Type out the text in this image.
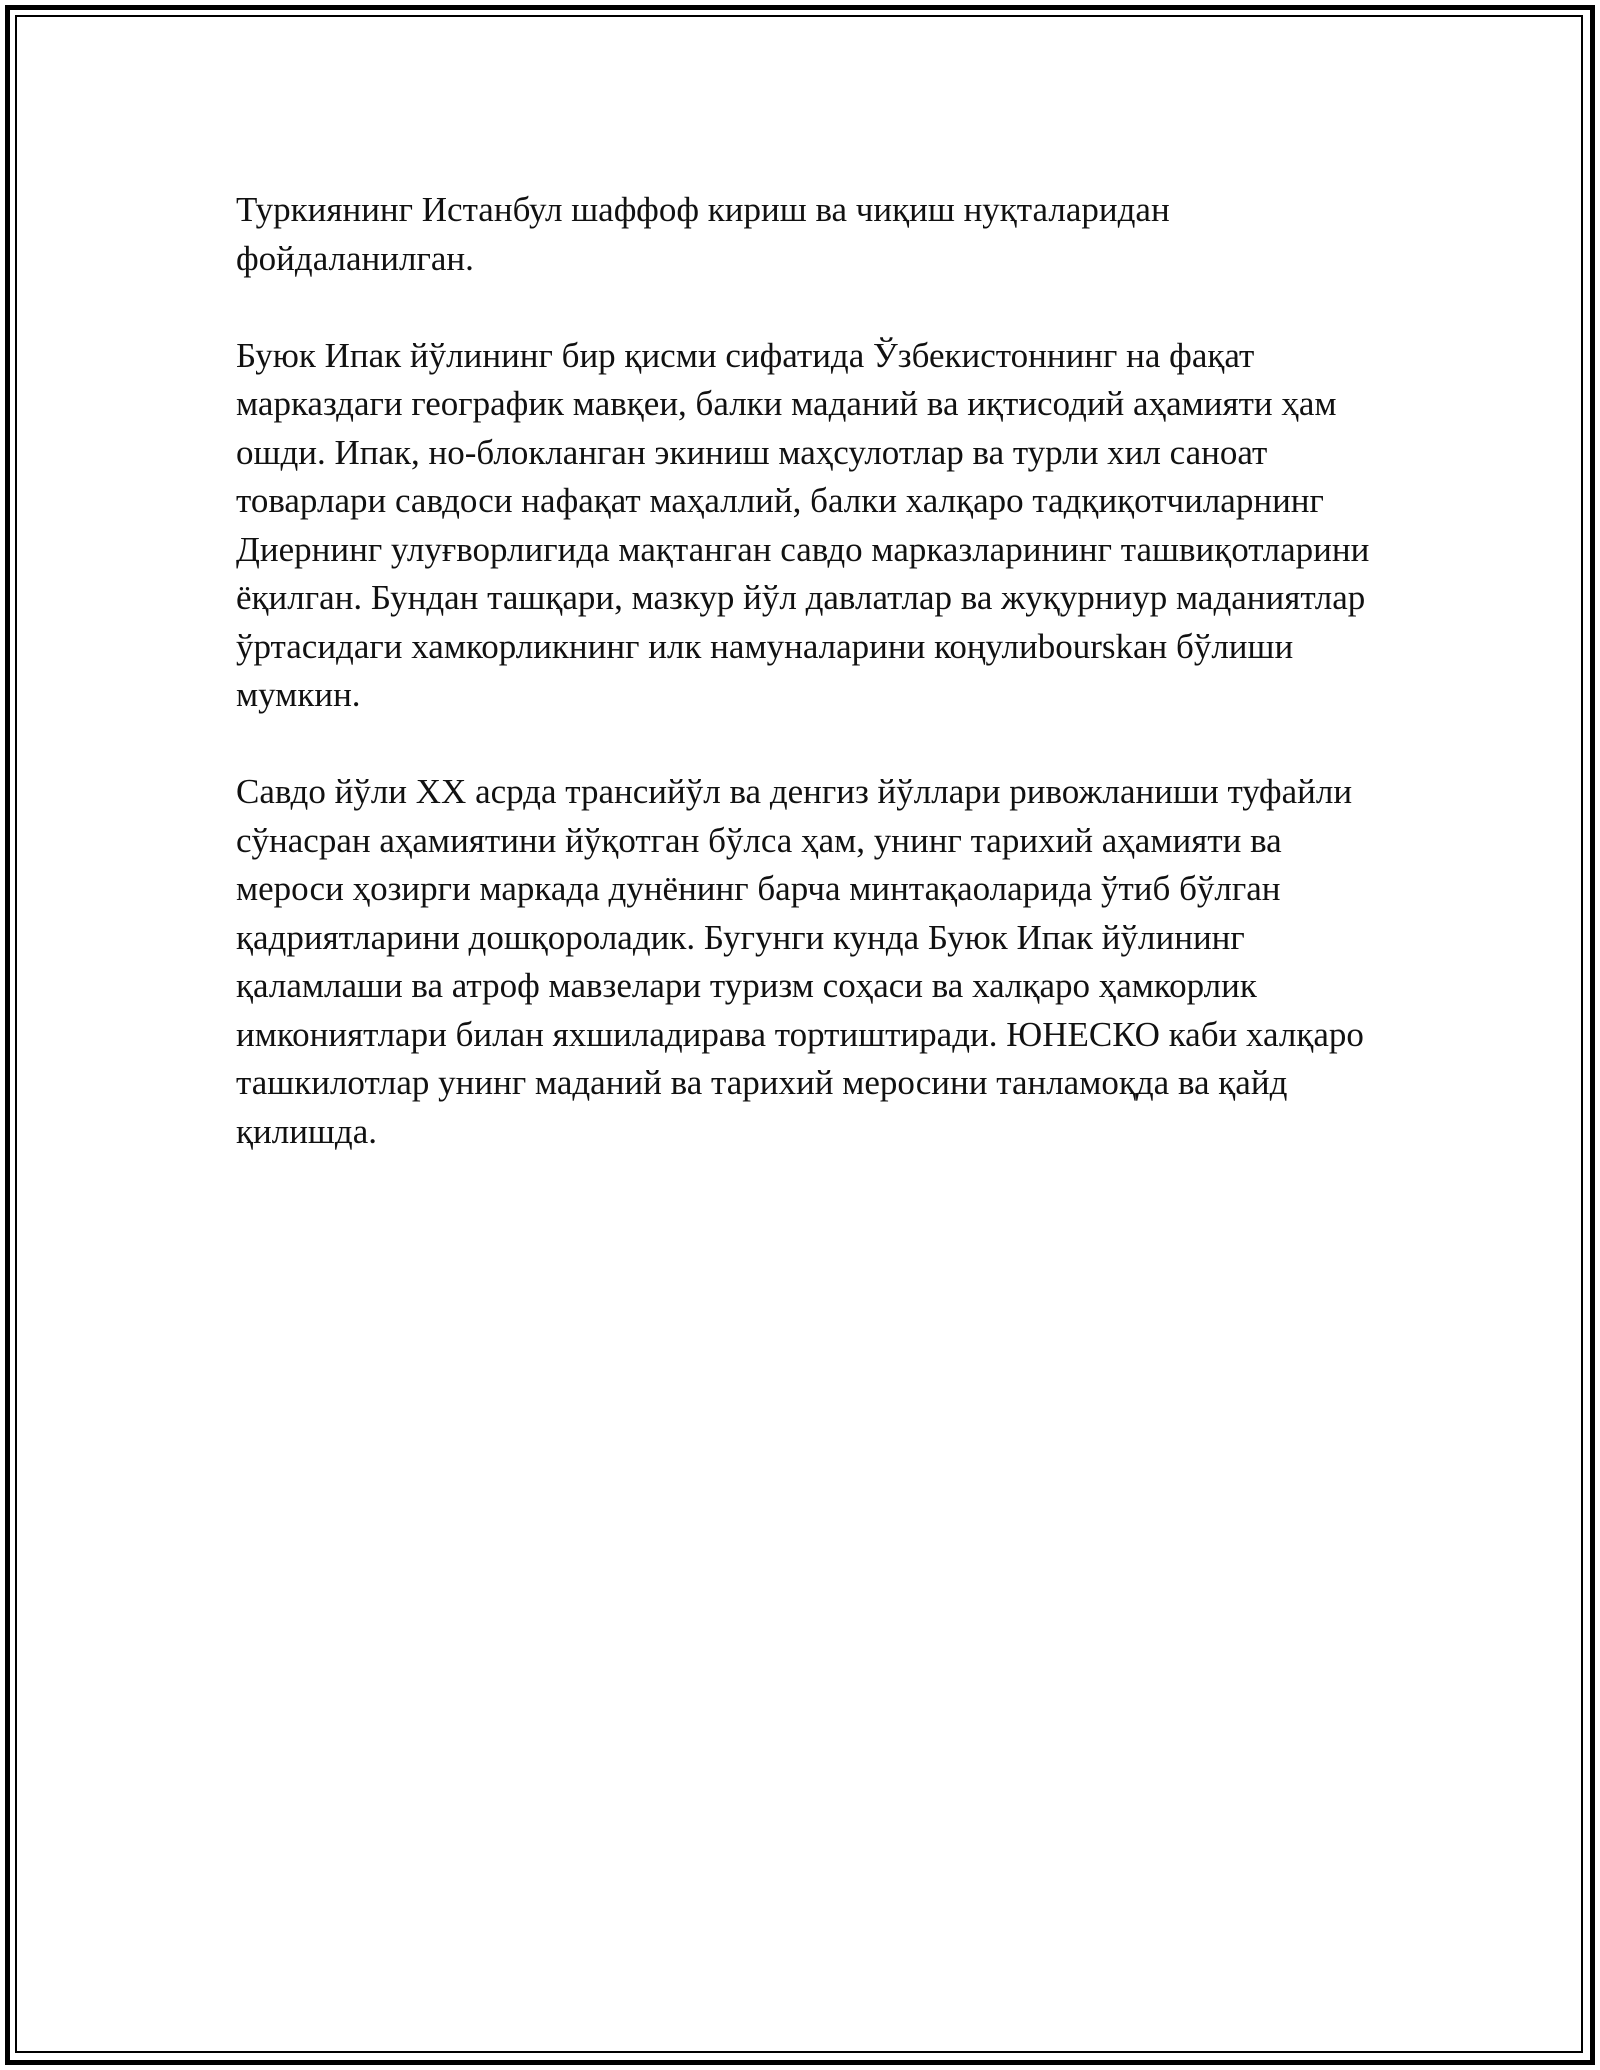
Туркиянинг Истанбул шаффоф кириш ва чиқиш нуқталаридан фойдаланилган.

Буюк Ипак йўлининг бир қисми сифатида Ўзбекистоннинг на фақат марказдаги географик мавқеи, балки маданий ва иқтисодий аҳамияти ҳам ошди. Ипак, но-блокланган экиниш маҳсулотлар ва турли хил саноат товарлари савдоси нафақат маҳаллий, балки халқаро тадқиқотчиларнинг Диернинг улуғворлигида мақтанган савдо марказларининг ташвиқотларини ёқилган. Бундан ташқари, мазкур йўл давлатлар ва жуқурниур маданиятлар ўртасидаги хамкорликнинг илк намуналарини коңулиbourskан бўлиши мумкин.

Савдо йўли XX асрда трансийўл ва денгиз йўллари ривожланиши туфайли сўнасран аҳамиятини йўқотган бўлса ҳам, унинг тарихий аҳамияти ва мероси ҳозирги маркада дунёнинг барча минтақаоларида ўтиб бўлган қадриятларини дошқороладик. Бугунги кунда Буюк Ипак йўлининг қаламлаши ва атроф мавзелари туризм соҳаси ва халқаро ҳамкорлик имкониятлари билан яхшиладирава тортиштиради. ЮНЕСКО каби халқаро ташкилотлар унинг маданий ва тарихий меросини танламоқда ва қайд қилишда.
